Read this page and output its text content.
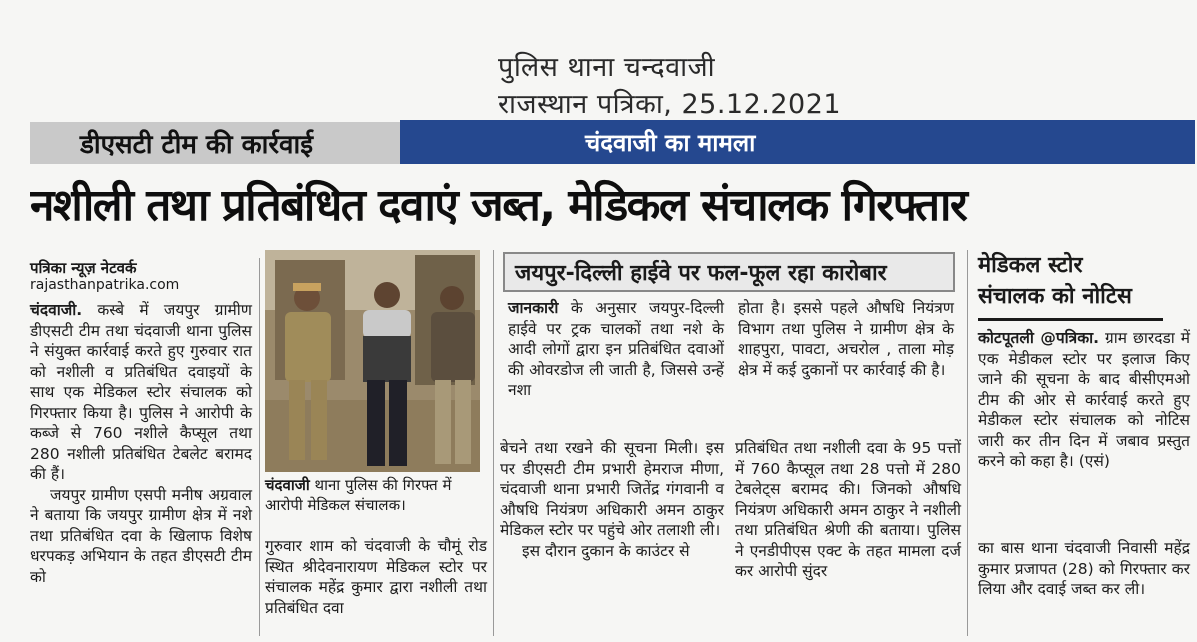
पुलिस थाना चन्दवाजी
राजस्थान पत्रिका, 25.12.2021
डीएसटी टीम की कार्रवाई	चंदवाजी का मामला
नशीली तथा प्रतिबंधित दवाएं जब्त, मेडिकल संचालक गिरफ्तार
पत्रिका न्यूज़ नेटवर्क
rajasthanpatrika.com

चंदवाजी. कस्बे में जयपुर ग्रामीण डीएसटी टीम तथा चंदवाजी थाना पुलिस ने संयुक्त कार्रवाई करते हुए गुरुवार रात को नशीली व प्रतिबंधित दवाइयों के साथ एक मेडिकल स्टोर संचालक को गिरफ्तार किया है। पुलिस ने आरोपी के कब्जे से 760 नशीले कैप्सूल तथा 280 नशीली प्रतिबंधित टेबलेट बरामद की हैं।

जयपुर ग्रामीण एसपी मनीष अग्रवाल ने बताया कि जयपुर ग्रामीण क्षेत्र में नशे तथा प्रतिबंधित दवा के खिलाफ विशेष धरपकड़ अभियान के तहत डीएसटी टीम को

चंदवाजी थाना पुलिस की गिरफ्त में आरोपी मेडिकल संचालक।

गुरुवार शाम को चंदवाजी के चौमूं रोड स्थित श्रीदेवनारायण मेडिकल स्टोर पर संचालक महेंद्र कुमार द्वारा नशीली तथा प्रतिबंधित दवा

जयपुर-दिल्ली हाईवे पर फल-फूल रहा कारोबार

जानकारी के अनुसार जयपुर-दिल्ली हाईवे पर ट्रक चालकों तथा नशे के आदी लोगों द्वारा इन प्रतिबंधित दवाओं की ओवरडोज ली जाती है, जिससे उन्हें नशा

होता है। इससे पहले औषधि नियंत्रण विभाग तथा पुलिस ने ग्रामीण क्षेत्र के शाहपुरा, पावटा, अचरोल , ताला मोड़ क्षेत्र में कई दुकानों पर कार्रवाई की है।

बेचने तथा रखने की सूचना मिली। इस पर डीएसटी टीम प्रभारी हेमराज मीणा, चंदवाजी थाना प्रभारी जितेंद्र गंगवानी व औषधि नियंत्रण अधिकारी अमन ठाकुर मेडिकल स्टोर पर पहुंचे ओर तलाशी ली।

इस दौरान दुकान के काउंटर से

प्रतिबंधित तथा नशीली दवा के 95 पत्तों में 760 कैप्सूल तथा 28 पत्तो में 280 टेबलेट्स बरामद की। जिनको औषधि नियंत्रण अधिकारी अमन ठाकुर ने नशीली तथा प्रतिबंधित श्रेणी की बताया। पुलिस ने एनडीपीएस एक्ट के तहत मामला दर्ज कर आरोपी सुंदर

मेडिकल स्टोर
संचालक को नोटिस

कोटपूतली @पत्रिका. ग्राम छारदडा में एक मेडीकल स्टोर पर इलाज किए जाने की सूचना के बाद बीसीएमओ टीम की ओर से कार्रवाई करते हुए मेडीकल स्टोर संचालक को नोटिस जारी कर तीन दिन में जबाव प्रस्तुत करने को कहा है। (एसं)

का बास थाना चंदवाजी निवासी महेंद्र कुमार प्रजापत (28) को गिरफ्तार कर लिया और दवाई जब्त कर ली।
